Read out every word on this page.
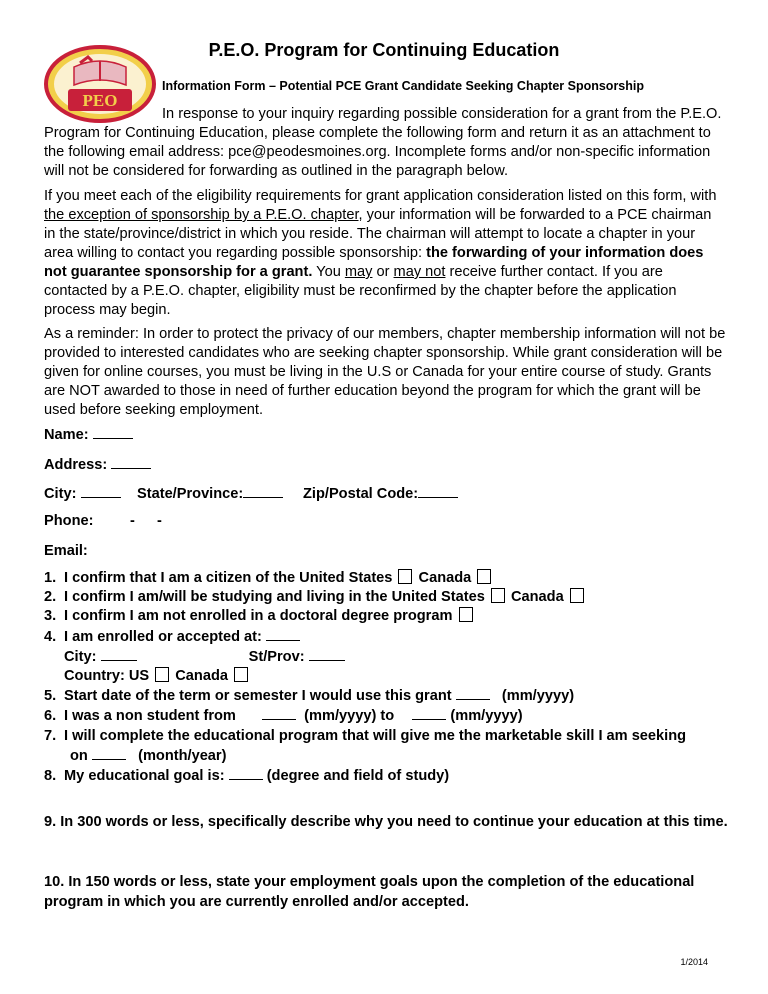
PEO
P.E.O. Program for Continuing Education
Information Form – Potential PCE Grant Candidate Seeking Chapter Sponsorship

In response to your inquiry regarding possible consideration for a grant from the P.E.O. Program for Continuing Education, please complete the following form and return it as an attachment to the following email address: pce@peodesmoines.org. Incomplete forms and/or non-specific information will not be considered for forwarding as outlined in the paragraph below.

If you meet each of the eligibility requirements for grant application consideration listed on this form, with the exception of sponsorship by a P.E.O. chapter, your information will be forwarded to a PCE chairman in the state/province/district in which you reside. The chairman will attempt to locate a chapter in your area willing to contact you regarding possible sponsorship: the forwarding of your information does not guarantee sponsorship for a grant. You may or may not receive further contact. If you are contacted by a P.E.O. chapter, eligibility must be reconfirmed by the chapter before the application process may begin.

As a reminder: In order to protect the privacy of our members, chapter membership information will not be provided to interested candidates who are seeking chapter sponsorship. While grant consideration will be given for online courses, you must be living in the U.S or Canada for your entire course of study. Grants are NOT awarded to those in need of further education beyond the program for which the grant will be used before seeking employment.

Name:
Address:
City:	State/Province:	Zip/Postal Code:
Phone:	- -
Email:
1. I confirm that I am a citizen of the United States Canada
2. I confirm I am/will be studying and living in the United States Canada
3. I confirm I am not enrolled in a doctoral degree program
4. I am enrolled or accepted at:
City:	St/Prov:
Country: US Canada
5. Start date of the term or semester I would use this grant	(mm/yyyy)
6. I was a non student from	(mm/yyyy) to	(mm/yyyy)
7. I will complete the educational program that will give me the marketable skill I am seeking
on	(month/year)
8. My educational goal is:	(degree and field of study)
9. In 300 words or less, specifically describe why you need to continue your education at this time.
10. In 150 words or less, state your employment goals upon the completion of the educational program in which you are currently enrolled and/or accepted.
1/2014
